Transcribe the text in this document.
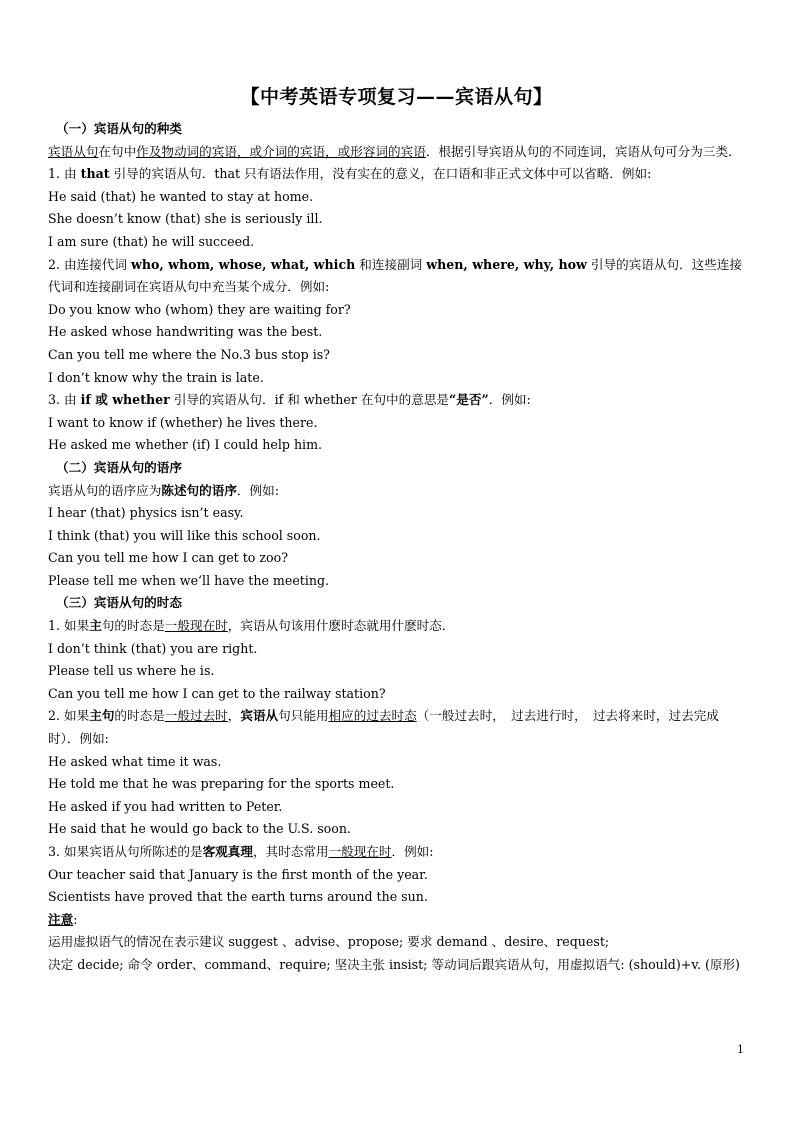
【中考英语专项复习——宾语从句】
（一）宾语从句的种类
宾语从句在句中作及物动词的宾语，或介词的宾语，或形容词的宾语．根据引导宾语从句的不同连词，宾语从句可分为三类．
1. 由 that 引导的宾语从句．that 只有语法作用，没有实在的意义，在口语和非正式文体中可以省略．例如:
He said (that) he wanted to stay at home.
She doesn’t know (that) she is seriously ill.
I am sure (that) he will succeed.
2. 由连接代词 who, whom, whose, what, which 和连接副词 when, where, why, how 引导的宾语从句．这些连接代词和连接副词在宾语从句中充当某个成分．例如:
Do you know who (whom) they are waiting for?
He asked whose handwriting was the best.
Can you tell me where the No.3 bus stop is?
I don’t know why the train is late.
3. 由 if 或 whether 引导的宾语从句．if 和 whether 在句中的意思是“是否”．例如:
I want to know if (whether) he lives there.
He asked me whether (if) I could help him.
（二）宾语从句的语序
宾语从句的语序应为陈述句的语序．例如:
I hear (that) physics isn’t easy.
I think (that) you will like this school soon.
Can you tell me how I can get to zoo?
Please tell me when we’ll have the meeting.
（三）宾语从句的时态
1. 如果主句的时态是一般现在时，宾语从句该用什麽时态就用什麽时态．
I don’t think (that) you are right.
Please tell us where he is.
Can you tell me how I can get to the railway station?
2. 如果主句的时态是一般过去时，宾语从句只能用相应的过去时态（一般过去时，　过去进行时，　过去将来时，过去完成时）．例如:
He asked what time it was.
He told me that he was preparing for the sports meet.
He asked if you had written to Peter.
He said that he would go back to the U.S. soon.
3. 如果宾语从句所陈述的是客观真理，其时态常用一般现在时．例如:
Our teacher said that January is the first month of the year.
Scientists have proved that the earth turns around the sun.
注意:
运用虚拟语气的情况在表示建议 suggest 、advise、propose; 要求 demand 、desire、request;
决定 decide; 命令 order、command、require; 坚决主张 insist; 等动词后跟宾语从句，用虚拟语气: (should)+v. (原形)
1
